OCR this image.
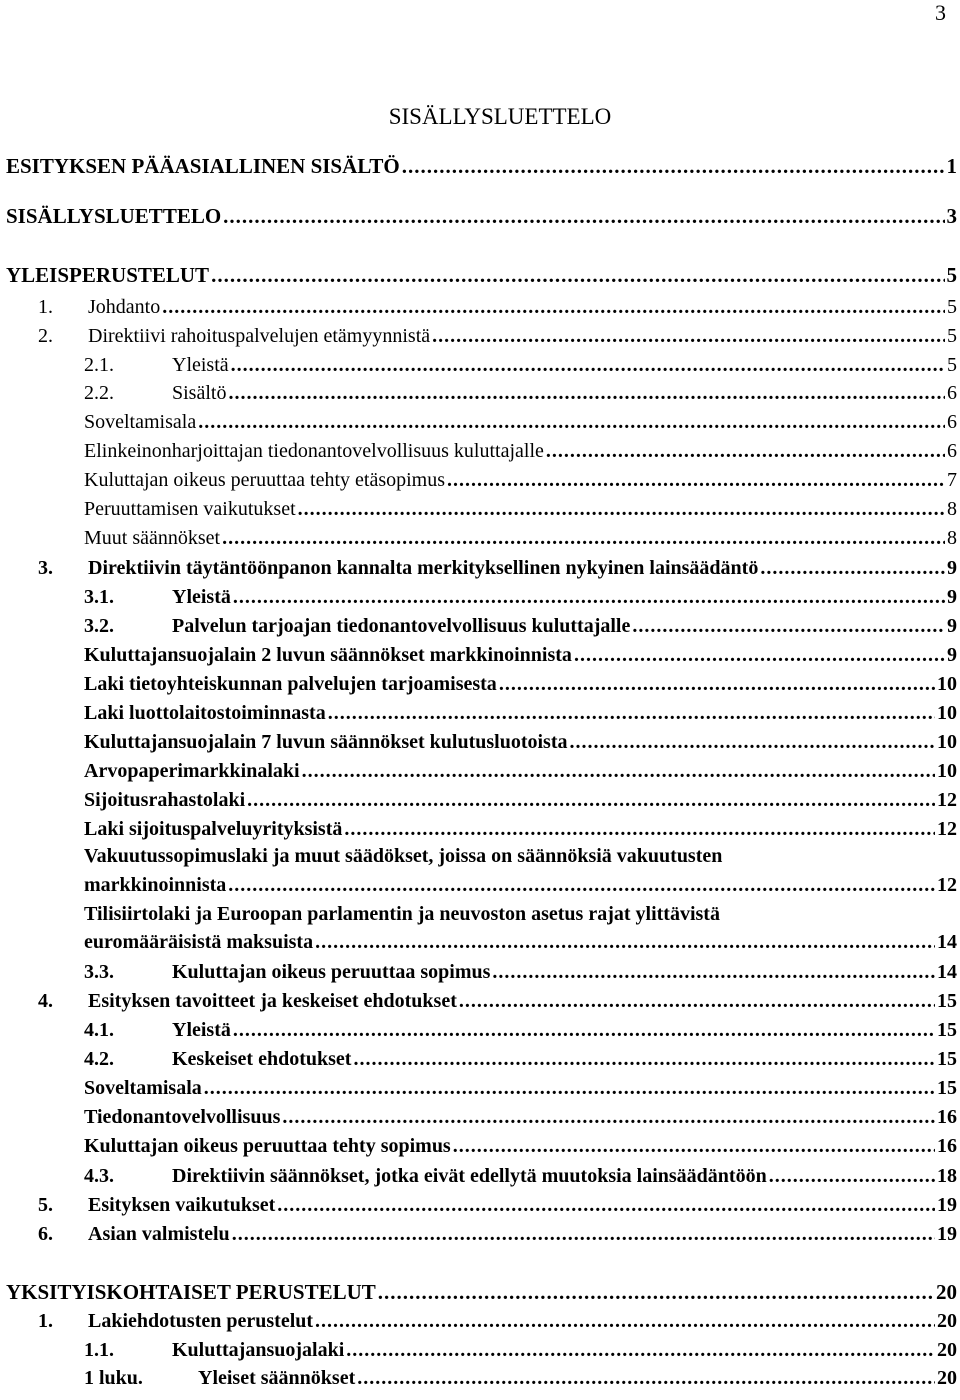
3
SISÄLLYSLUETTELO
ESITYKSEN PÄÄASIALLINEN SISÄLTÖ .....	1
SISÄLLYSLUETTELO .....	3
YLEISPERUSTELUT .....	5
1. Johdanto .....	5
2. Direktiivi rahoituspalvelujen etämyynnistä .....	5
2.1.	Yleistä .....	5
2.2.	Sisältö .....	6
Soveltamisala .....	6
Elinkeinonharjoittajan tiedonantovelvollisuus kuluttajalle .....	6
Kuluttajan oikeus peruuttaa tehty etäsopimus .....	7
Peruuttamisen vaikutukset .....	8
Muut säännökset .....	8
3. Direktiivin täytäntöönpanon kannalta merkityksellinen nykyinen lainsäädäntö .....	9
3.1.	Yleistä .....	9
3.2.	Palvelun tarjoajan tiedonantovelvollisuus kuluttajalle .....	9
Kuluttajansuojalain 2 luvun säännökset markkinoinnista .....	9
Laki tietoyhteiskunnan palvelujen tarjoamisesta .....	10
Laki luottolaitostoiminnasta .....	10
Kuluttajansuojalain 7 luvun säännökset kulutusluotoista .....	10
Arvopaperimarkkinalaki .....	10
Sijoitusrahastolaki .....	12
Laki sijoituspalveluyrityksistä .....	12
Vakuutussopimuslaki ja muut säädökset, joissa on säännöksiä vakuutusten
markkinoinnista .....	12
Tilisiirtolaki ja Euroopan parlamentin ja neuvoston asetus rajat ylittävistä
euromääräisistä maksuista .....	14
3.3.	Kuluttajan oikeus peruuttaa sopimus .....	14
4. Esityksen tavoitteet ja keskeiset ehdotukset .....	15
4.1.	Yleistä .....	15
4.2.	Keskeiset ehdotukset .....	15
Soveltamisala .....	15
Tiedonantovelvollisuus .....	16
Kuluttajan oikeus peruuttaa tehty sopimus .....	16
4.3.	Direktiivin säännökset, jotka eivät edellytä muutoksia lainsäädäntöön .....	18
5. Esityksen vaikutukset .....	19
6. Asian valmistelu .....	19
YKSITYISKOHTAISET PERUSTELUT .....	20
1. Lakiehdotusten perustelut .....	20
1.1.	Kuluttajansuojalaki .....	20
1 luku.	Yleiset säännökset .....	20
